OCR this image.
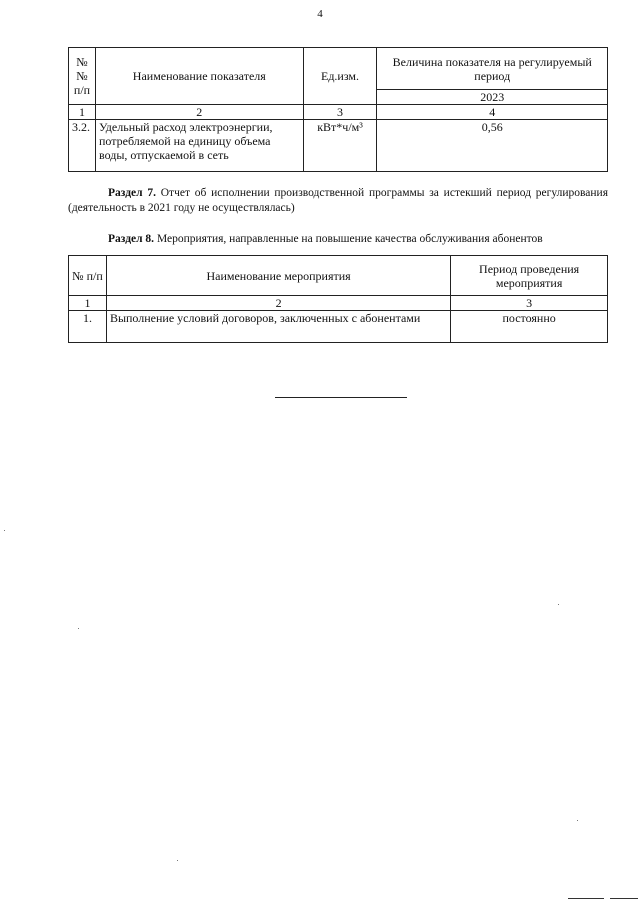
4
№№ п/п	Наименование показателя	Ед.изм.	Величина показателя на регулируемый период
			2023
1	2	3	4
3.2.	Удельный расход электроэнергии, потребляемой на единицу объема воды, отпускаемой в сеть	кВт*ч/м³	0,56
Раздел 7. Отчет об исполнении производственной программы за истекший период регулирования (деятельность в 2021 году не осуществлялась)
Раздел 8. Мероприятия, направленные на повышение качества обслуживания абонентов
№ п/п	Наименование мероприятия	Период проведения мероприятия
1	2	3
1.	Выполнение условий договоров, заключенных с абонентами	постоянно
